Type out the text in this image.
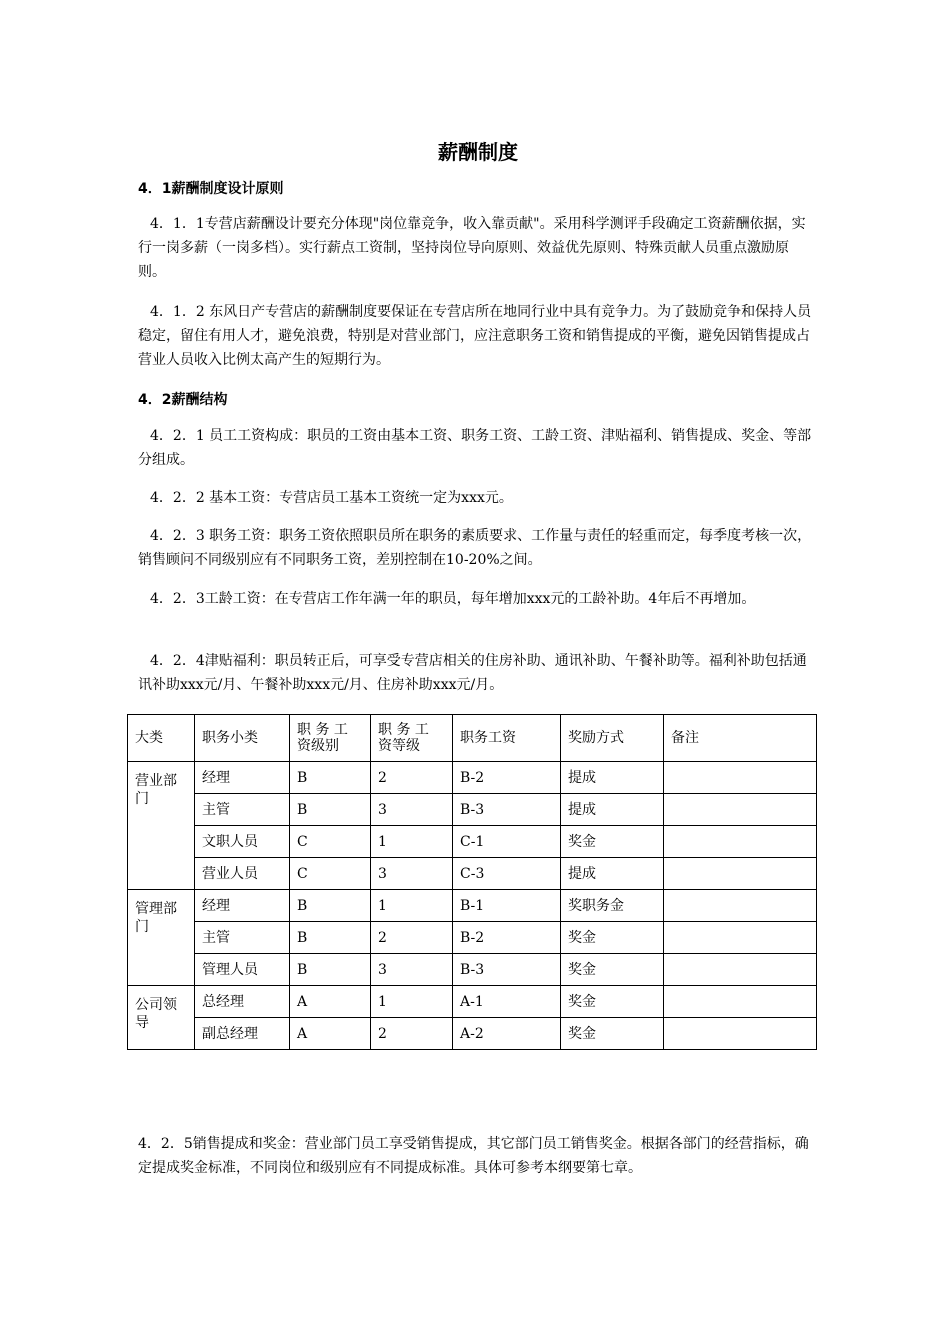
薪酬制度
4．1薪酬制度设计原则

4．1．1专营店薪酬设计要充分体现"岗位靠竞争，收入靠贡献"。采用科学测评手段确定工资薪酬依据，实行一岗多薪（一岗多档）。实行薪点工资制，坚持岗位导向原则、效益优先原则、特殊贡献人员重点激励原则。

4．1．2 东风日产专营店的薪酬制度要保证在专营店所在地同行业中具有竞争力。为了鼓励竞争和保持人员稳定，留住有用人才，避免浪费，特别是对营业部门，应注意职务工资和销售提成的平衡，避免因销售提成占营业人员收入比例太高产生的短期行为。

4．2薪酬结构

4．2．1 员工工资构成：职员的工资由基本工资、职务工资、工龄工资、津贴福利、销售提成、奖金、等部分组成。

4．2．2 基本工资：专营店员工基本工资统一定为xxx元。

4．2．3 职务工资：职务工资依照职员所在职务的素质要求、工作量与责任的轻重而定，每季度考核一次，销售顾问不同级别应有不同职务工资，差别控制在10-20%之间。

4．2．3工龄工资：在专营店工作年满一年的职员，每年增加xxx元的工龄补助。4年后不再增加。

4．2．4津贴福利：职员转正后，可享受专营店相关的住房补助、通讯补助、午餐补助等。福利补助包括通讯补助xxx元/月、午餐补助xxx元/月、住房补助xxx元/月。

大类	职务小类	职 务 工 资级别	职 务 工 资等级	职务工资	奖励方式	备注
营业部门	经理	B	2	B-2	提成	
	主管	B	3	B-3	提成	
	文职人员	C	1	C-1	奖金	
	营业人员	C	3	C-3	提成	
管理部门	经理	B	1	B-1	奖职务金	
	主管	B	2	B-2	奖金	
	管理人员	B	3	B-3	奖金	
公司领导	总经理	A	1	A-1	奖金	
	副总经理	A	2	A-2	奖金	

4．2．5销售提成和奖金：营业部门员工享受销售提成，其它部门员工销售奖金。根据各部门的经营指标，确定提成奖金标准，不同岗位和级别应有不同提成标准。具体可参考本纲要第七章。
